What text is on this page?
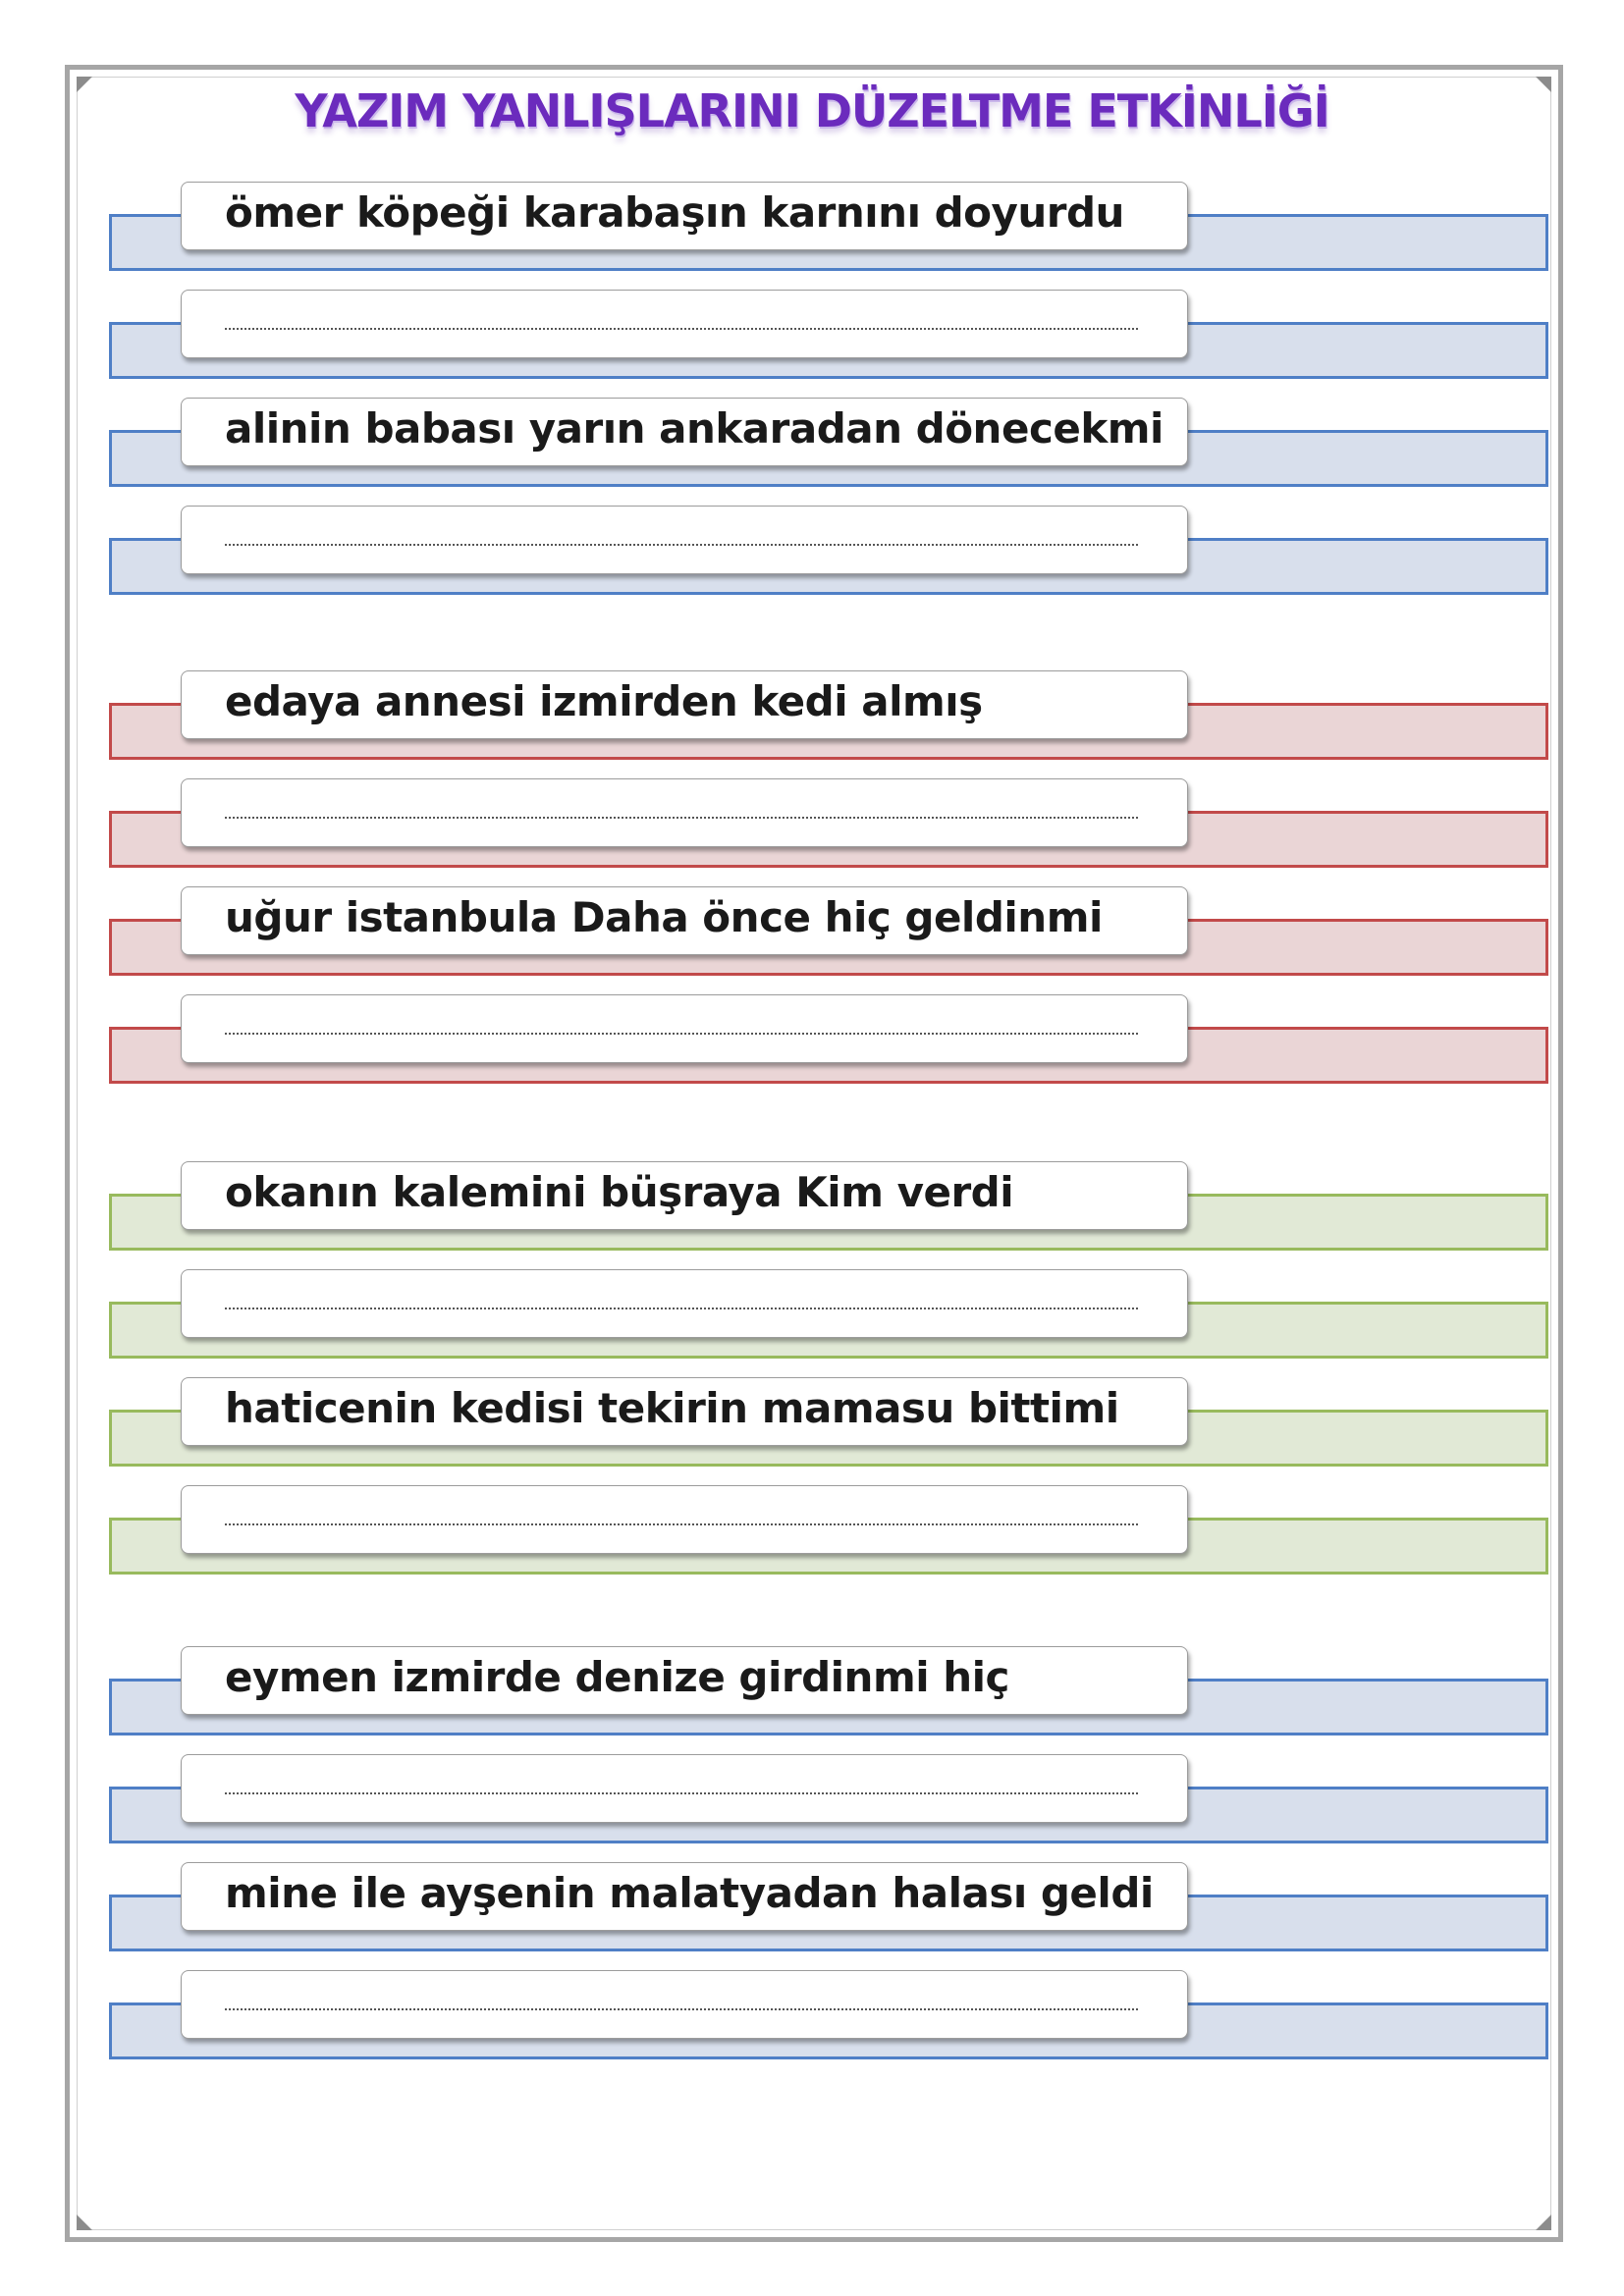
YAZIM YANLIŞLARINI DÜZELTME ETKİNLİĞİ
ömer köpeği karabaşın karnını doyurdu
alinin babası yarın ankaradan dönecekmi
edaya annesi izmirden kedi almış
uğur istanbula Daha önce hiç geldinmi
okanın kalemini büşraya Kim verdi
haticenin kedisi tekirin mamasu bittimi
eymen izmirde denize girdinmi hiç
mine ile ayşenin malatyadan halası geldi
